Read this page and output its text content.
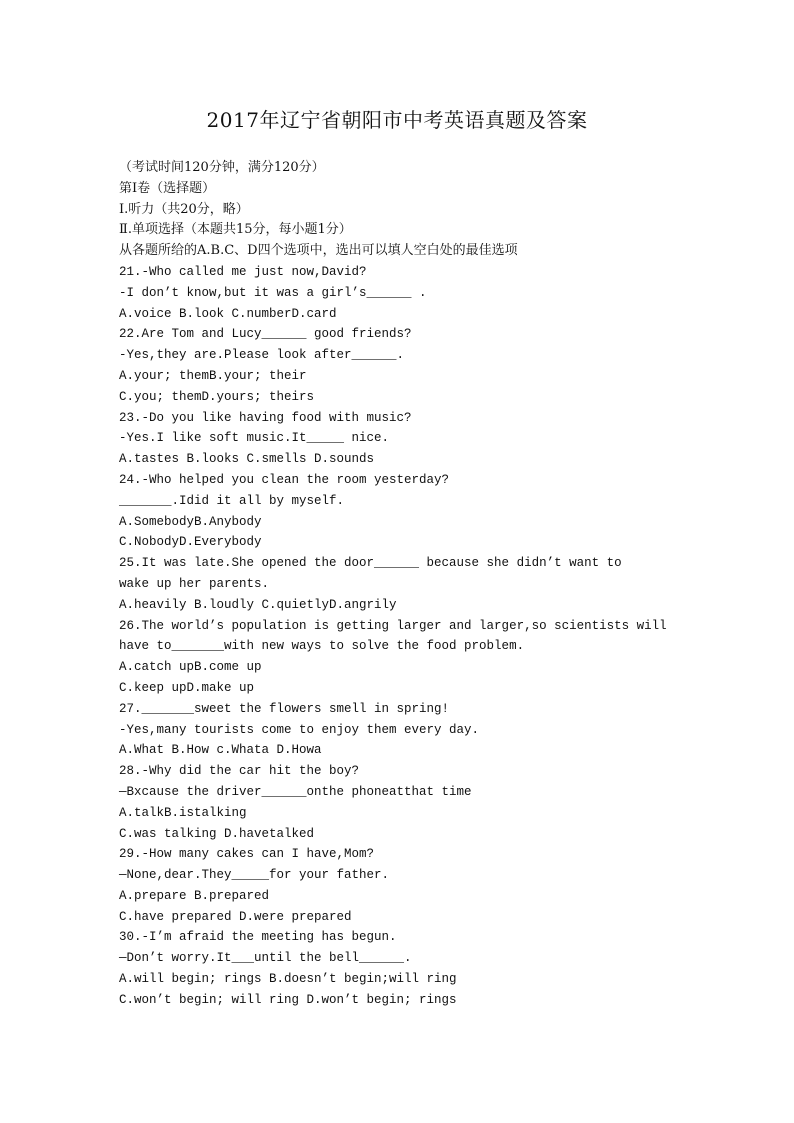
2017年辽宁省朝阳市中考英语真题及答案
（考试时间120分钟，满分120分）
第I卷（选择题）
I.听力（共20分，略）
Ⅱ.单项选择（本题共15分，每小题1分）
从各题所给的A.B.C、D四个选项中，选出可以填人空白处的最佳选项
21.-Who called me just now,David?
-I don’t know,but it was a girl’s______ .
A.voice B.look C.numberD.card
22.Are Tom and Lucy______ good friends?
-Yes,they are.Please look after______.
A.your; themB.your; their
C.you; themD.yours; theirs
23.-Do you like having food with music?
-Yes.I like soft music.It_____ nice.
A.tastes B.looks C.smells D.sounds
24.-Who helped you clean the room yesterday?
_______.Idid it all by myself.
A.SomebodyB.Anybody
C.NobodyD.Everybody
25.It was late.She opened the door______ because she didn’t want to
wake up her parents.
A.heavily B.loudly C.quietlyD.angrily
26.The world’s population is getting larger and larger,so scientists will
have to_______with new ways to solve the food problem.
A.catch upB.come up
C.keep upD.make up
27._______sweet the flowers smell in spring!
-Yes,many tourists come to enjoy them every day.
A.What B.How c.Whata D.Howa
28.-Why did the car hit the boy?
—Bxcause the driver______onthe phoneatthat time
A.talkB.istalking
C.was talking D.havetalked
29.-How many cakes can I have,Mom?
—None,dear.They_____for your father.
A.prepare B.prepared
C.have prepared D.were prepared
30.-I’m afraid the meeting has begun.
—Don’t worry.It___until the bell______.
A.will begin; rings B.doesn’t begin;will ring
C.won’t begin; will ring D.won’t begin; rings
